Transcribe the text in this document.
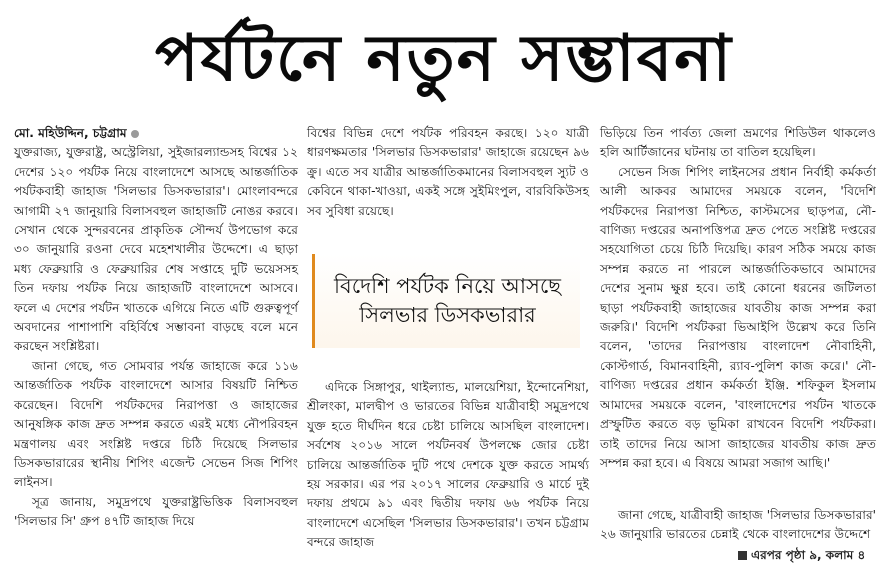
পর্যটনে নতুন সম্ভাবনা

মো. মহিউদ্দিন, চট্টগ্রাম

যুক্তরাজ্য, যুক্তরাষ্ট্র, অস্ট্রেলিয়া, সুইজারল্যান্ডসহ বিশ্বের ১২ দেশের ১২০ পর্যটক নিয়ে বাংলাদেশে আসছে আন্তর্জাতিক পর্যটকবাহী জাহাজ 'সিলভার ডিসকভারার'। মোংলাবন্দরে আগামী ২৭ জানুয়ারি বিলাসবহুল জাহাজটি নোঙর করবে। সেখান থেকে সুন্দরবনের প্রাকৃতিক সৌন্দর্য উপভোগ করে ৩০ জানুয়ারি রওনা দেবে মহেশখালীর উদ্দেশে। এ ছাড়া মধ্য ফেব্রুয়ারি ও ফেব্রুয়ারির শেষ সপ্তাহে দুটি ভয়েসসহ তিন দফায় পর্যটক নিয়ে জাহাজটি বাংলাদেশে আসবে। ফলে এ দেশের পর্যটন খাতকে এগিয়ে নিতে এটি গুরুত্বপূর্ণ অবদানের পাশাপাশি বহির্বিশ্বে সম্ভাবনা বাড়ছে বলে মনে করছেন সংশ্লিষ্টরা।

জানা গেছে, গত সোমবার পর্যন্ত জাহাজে করে ১১৬ আন্তর্জাতিক পর্যটক বাংলাদেশে আসার বিষয়টি নিশ্চিত করেছেন। বিদেশি পর্যটকদের নিরাপত্তা ও জাহাজের আনুষঙ্গিক কাজ দ্রুত সম্পন্ন করতে এরই মধ্যে নৌপরিবহন মন্ত্রণালয় এবং সংশ্লিষ্ট দপ্তরে চিঠি দিয়েছে সিলভার ডিসকভারারের স্থানীয় শিপিং এজেন্ট সেভেন সিজ শিপিং লাইনস।

সূত্র জানায়, সমুদ্রপথে যুক্তরাষ্ট্রভিত্তিক বিলাসবহুল 'সিলভার সি' গ্রুপ ৪৭টি জাহাজ দিয়ে

বিশ্বের বিভিন্ন দেশে পর্যটক পরিবহন করছে। ১২০ যাত্রী ধারণক্ষমতার 'সিলভার ডিসকভারার' জাহাজে রয়েছেন ৯৬ ক্রু। এতে সব যাত্রীর আন্তর্জাতিকমানের বিলাসবহুল স্যুট ও কেবিনে থাকা-খাওয়া, একই সঙ্গে সুইমিংপুল, বারবিকিউসহ সব সুবিধা রয়েছে।

বিদেশি পর্যটক নিয়ে আসছে সিলভার ডিসকভারার

এদিকে সিঙ্গাপুর, থাইল্যান্ড, মালয়েশিয়া, ইন্দোনেশিয়া, শ্রীলংকা, মালদ্বীপ ও ভারতের বিভিন্ন যাত্রীবাহী সমুদ্রপথে যুক্ত হতে দীর্ঘদিন ধরে চেষ্টা চালিয়ে আসছিল বাংলাদেশ। সর্বশেষ ২০১৬ সালে পর্যটনবর্ষ উপলক্ষে জোর চেষ্টা চালিয়ে আন্তর্জাতিক দুটি পথে দেশকে যুক্ত করতে সামর্থ্য হয় সরকার। এর পর ২০১৭ সালের ফেব্রুয়ারি ও মার্চে দুই দফায় প্রথমে ৯১ এবং দ্বিতীয় দফায় ৬৬ পর্যটক নিয়ে বাংলাদেশে এসেছিল 'সিলভার ডিসকভারার'। তখন চট্টগ্রাম বন্দরে জাহাজ

ভিড়িয়ে তিন পার্বত্য জেলা ভ্রমণের শিডিউল থাকলেও হলি আর্টিজানের ঘটনায় তা বাতিল হয়েছিল।

সেভেন সিজ শিপিং লাইনসের প্রধান নির্বাহী কর্মকর্তা আলী আকবর আমাদের সময়কে বলেন, 'বিদেশি পর্যটকদের নিরাপত্তা নিশ্চিত, কাস্টমসের ছাড়পত্র, নৌ-বাণিজ্য দপ্তরের অনাপত্তিপত্র দ্রুত পেতে সংশ্লিষ্ট দপ্তরের সহযোগিতা চেয়ে চিঠি দিয়েছি। কারণ সঠিক সময়ে কাজ সম্পন্ন করতে না পারলে আন্তর্জাতিকভাবে আমাদের দেশের সুনাম ক্ষুণ্ণ হবে। তাই কোনো ধরনের জটিলতা ছাড়া পর্যটকবাহী জাহাজের যাবতীয় কাজ সম্পন্ন করা জরুরি।' বিদেশি পর্যটকরা ভিআইপি উল্লেখ করে তিনি বলেন, 'তাদের নিরাপত্তায় বাংলাদেশ নৌবাহিনী, কোস্টগার্ড, বিমানবাহিনী, র‌্যাব-পুলিশ কাজ করে।' নৌ-বাণিজ্য দপ্তরের প্রধান কর্মকর্তা ইঞ্জি. শফিকুল ইসলাম আমাদের সময়কে বলেন, 'বাংলাদেশের পর্যটন খাতকে প্রস্ফুটিত করতে বড় ভূমিকা রাখবেন বিদেশি পর্যটকরা। তাই তাদের নিয়ে আসা জাহাজের যাবতীয় কাজ দ্রুত সম্পন্ন করা হবে। এ বিষয়ে আমরা সজাগ আছি।'

জানা গেছে, যাত্রীবাহী জাহাজ 'সিলভার ডিসকভারার' ২৬ জানুয়ারি ভারতের চেন্নাই থেকে বাংলাদেশের উদ্দেশে

এরপর পৃষ্ঠা ৯, কলাম ৪
